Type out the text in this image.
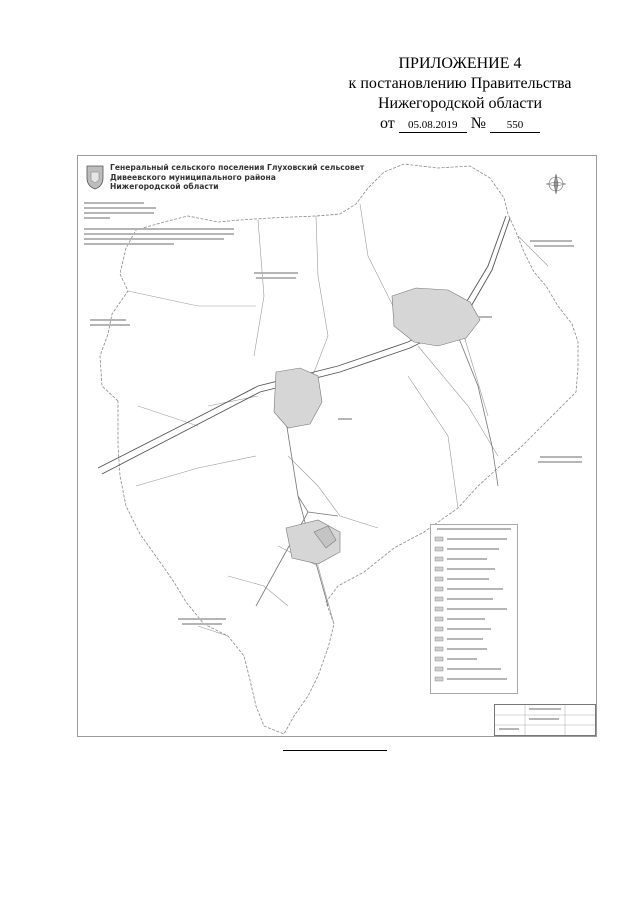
ПРИЛОЖЕНИЕ 4
к постановлению Правительства
Нижегородской области
от 05.08.2019 № 550
Генеральный сельского поселения Глуховский сельсовет
Дивеевского муниципального района
Нижегородской области
